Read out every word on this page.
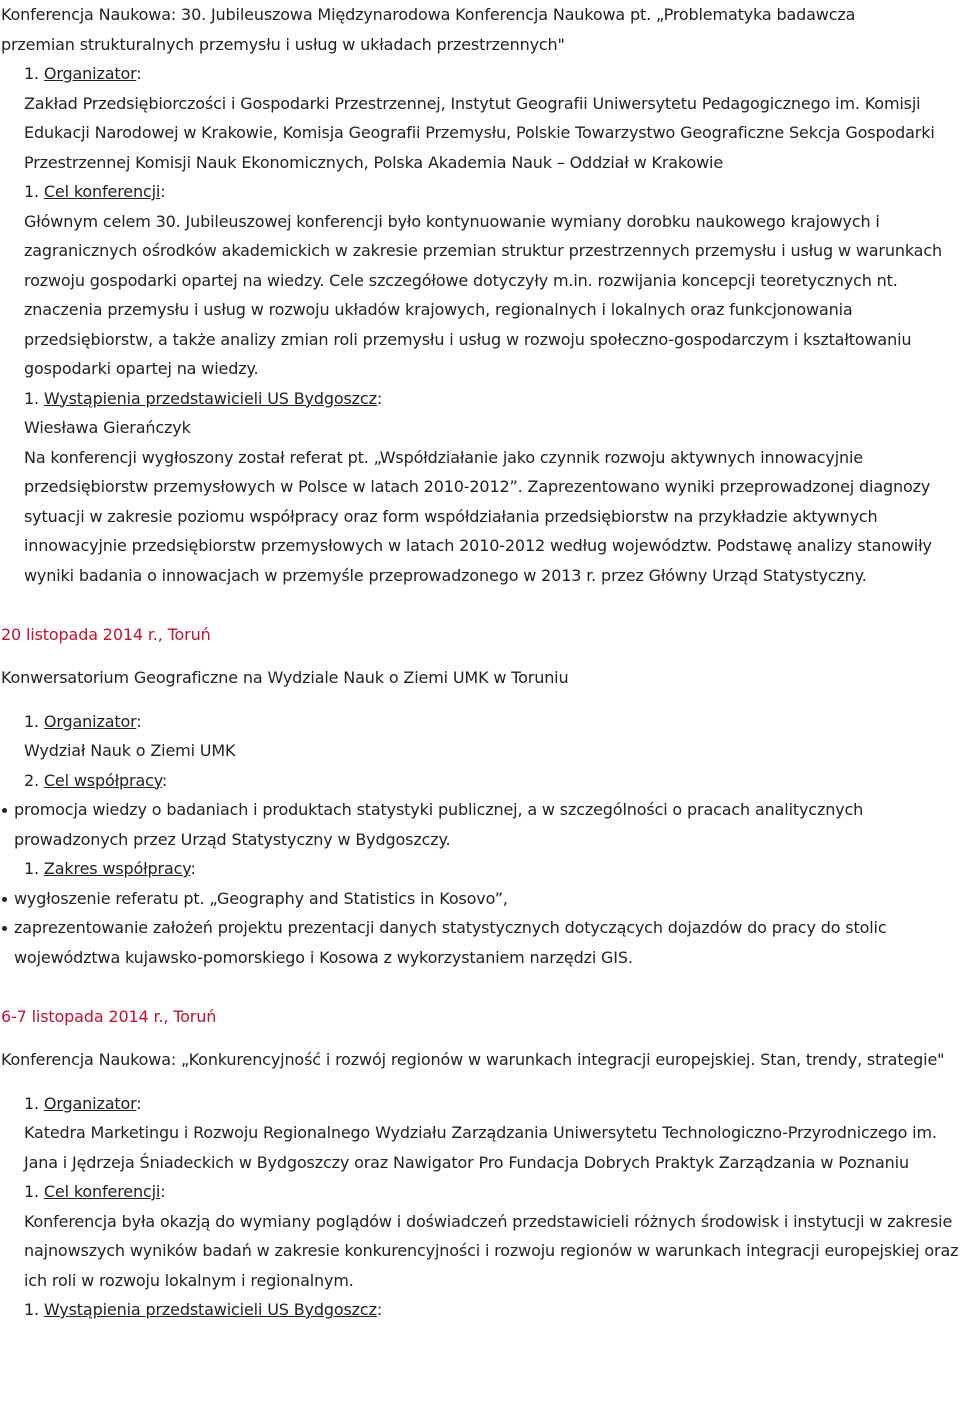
Konferencja Naukowa: 30. Jubileuszowa Międzynarodowa Konferencja Naukowa pt. „Problematyka badawcza
przemian strukturalnych przemysłu i usług w układach przestrzennych"

1. Organizator:

Zakład Przedsiębiorczości i Gospodarki Przestrzennej, Instytut Geografii Uniwersytetu Pedagogicznego im. Komisji Edukacji Narodowej w Krakowie, Komisja Geografii Przemysłu, Polskie Towarzystwo Geograficzne Sekcja Gospodarki Przestrzennej Komisji Nauk Ekonomicznych, Polska Akademia Nauk – Oddział w Krakowie

1. Cel konferencji:

Głównym celem 30. Jubileuszowej konferencji było kontynuowanie wymiany dorobku naukowego krajowych i zagranicznych ośrodków akademickich w zakresie przemian struktur przestrzennych przemysłu i usług w warunkach rozwoju gospodarki opartej na wiedzy. Cele szczegółowe dotyczyły m.in. rozwijania koncepcji teoretycznych nt. znaczenia przemysłu i usług w rozwoju układów krajowych, regionalnych i lokalnych oraz funkcjonowania przedsiębiorstw, a także analizy zmian roli przemysłu i usług w rozwoju społeczno-gospodarczym i kształtowaniu gospodarki opartej na wiedzy.

1. Wystąpienia przedstawicieli US Bydgoszcz:

Wiesława Gierańczyk

Na konferencji wygłoszony został referat pt. „Współdziałanie jako czynnik rozwoju aktywnych innowacyjnie przedsiębiorstw przemysłowych w Polsce w latach 2010-2012”. Zaprezentowano wyniki przeprowadzonej diagnozy sytuacji w zakresie poziomu współpracy oraz form współdziałania przedsiębiorstw na przykładzie aktywnych innowacyjnie przedsiębiorstw przemysłowych w latach 2010-2012 według województw. Podstawę analizy stanowiły wyniki badania o innowacjach w przemyśle przeprowadzonego w 2013 r. przez Główny Urząd Statystyczny.

20 listopada 2014 r., Toruń

Konwersatorium Geograficzne na Wydziale Nauk o Ziemi UMK w Toruniu

1. Organizator:

Wydział Nauk o Ziemi UMK

2. Cel współpracy:

promocja wiedzy o badaniach i produktach statystyki publicznej, a w szczególności o pracach analitycznych prowadzonych przez Urząd Statystyczny w Bydgoszczy.

1. Zakres współpracy:

wygłoszenie referatu pt. „Geography and Statistics in Kosovo”,
zaprezentowanie założeń projektu prezentacji danych statystycznych dotyczących dojazdów do pracy do stolic województwa kujawsko-pomorskiego i Kosowa z wykorzystaniem narzędzi GIS.

6-7 listopada 2014 r., Toruń

Konferencja Naukowa: „Konkurencyjność i rozwój regionów w warunkach integracji europejskiej. Stan, trendy, strategie"

1. Organizator:

Katedra Marketingu i Rozwoju Regionalnego Wydziału Zarządzania Uniwersytetu Technologiczno-Przyrodniczego im. Jana i Jędrzeja Śniadeckich w Bydgoszczy oraz Nawigator Pro Fundacja Dobrych Praktyk Zarządzania w Poznaniu

1. Cel konferencji:

Konferencja była okazją do wymiany poglądów i doświadczeń przedstawicieli różnych środowisk i instytucji w zakresie najnowszych wyników badań w zakresie konkurencyjności i rozwoju regionów w warunkach integracji europejskiej oraz ich roli w rozwoju lokalnym i regionalnym.

1. Wystąpienia przedstawicieli US Bydgoszcz:
